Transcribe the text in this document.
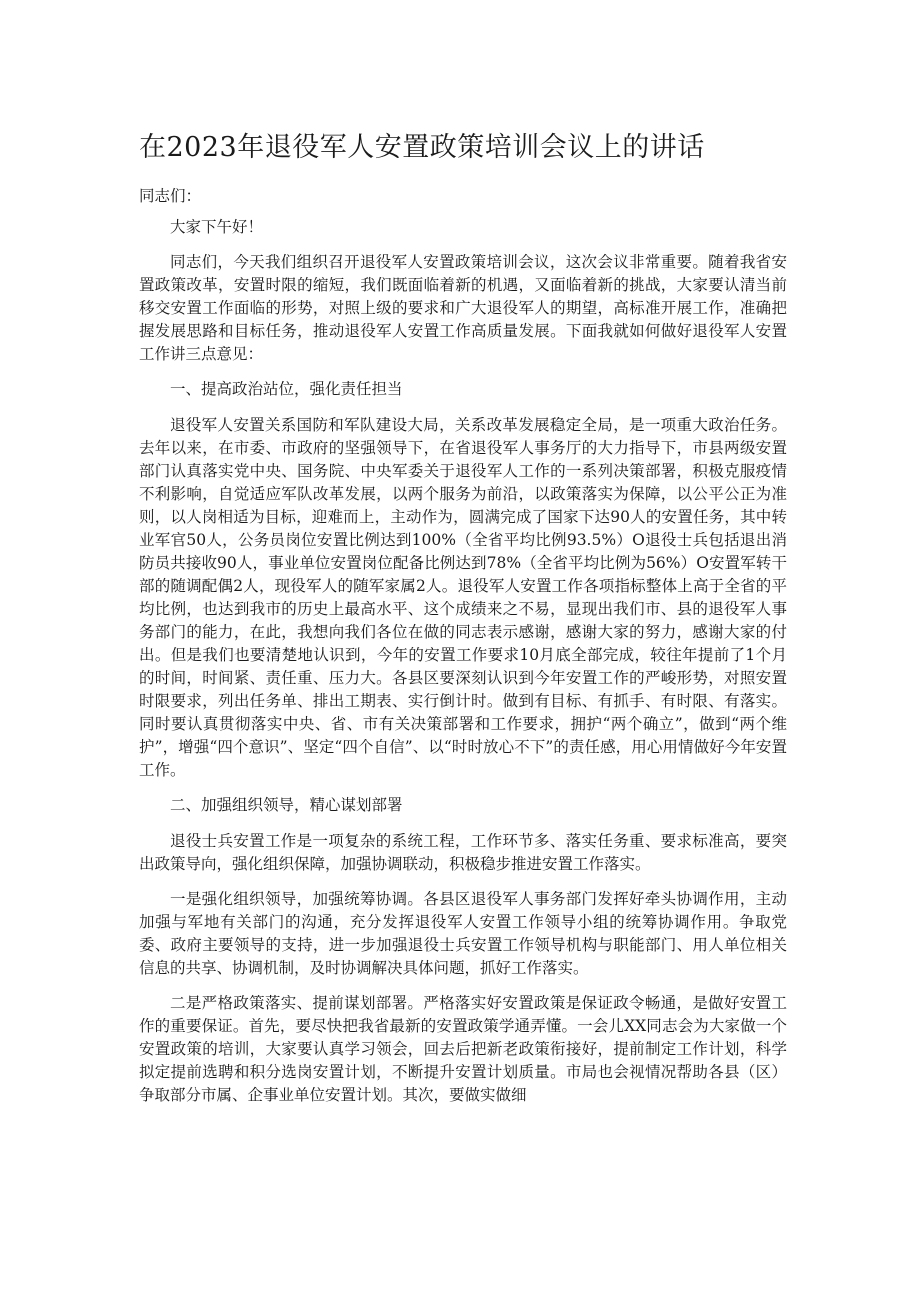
在2023年退役军人安置政策培训会议上的讲话

同志们：

大家下午好！

同志们，今天我们组织召开退役军人安置政策培训会议，这次会议非常重要。随着我省安置政策改革，安置时限的缩短，我们既面临着新的机遇，又面临着新的挑战，大家要认清当前移交安置工作面临的形势，对照上级的要求和广大退役军人的期望，高标准开展工作，准确把握发展思路和目标任务，推动退役军人安置工作高质量发展。下面我就如何做好退役军人安置工作讲三点意见：

一、提高政治站位，强化责任担当

退役军人安置关系国防和军队建设大局，关系改革发展稳定全局，是一项重大政治任务。去年以来，在市委、市政府的坚强领导下，在省退役军人事务厅的大力指导下，市县两级安置部门认真落实党中央、国务院、中央军委关于退役军人工作的一系列决策部署，积极克服疫情不利影响，自觉适应军队改革发展，以两个服务为前沿，以政策落实为保障，以公平公正为准则，以人岗相适为目标，迎难而上，主动作为，圆满完成了国家下达90人的安置任务，其中转业军官50人，公务员岗位安置比例达到100%（全省平均比例93.5%）O退役士兵包括退出消防员共接收90人，事业单位安置岗位配备比例达到78%（全省平均比例为56%）O安置军转干部的随调配偶2人，现役军人的随军家属2人。退役军人安置工作各项指标整体上高于全省的平均比例，也达到我市的历史上最高水平、这个成绩来之不易，显现出我们市、县的退役军人事务部门的能力，在此，我想向我们各位在做的同志表示感谢，感谢大家的努力，感谢大家的付出。但是我们也要清楚地认识到，今年的安置工作要求10月底全部完成，较往年提前了1个月的时间，时间紧、责任重、压力大。各县区要深刻认识到今年安置工作的严峻形势，对照安置时限要求，列出任务单、排出工期表、实行倒计时。做到有目标、有抓手、有时限、有落实。同时要认真贯彻落实中央、省、市有关决策部署和工作要求，拥护“两个确立”，做到“两个维护”，增强“四个意识”、坚定“四个自信”、以“时时放心不下”的责任感，用心用情做好今年安置工作。

二、加强组织领导，精心谋划部署

退役士兵安置工作是一项复杂的系统工程，工作环节多、落实任务重、要求标准高，要突出政策导向，强化组织保障，加强协调联动，积极稳步推进安置工作落实。

一是强化组织领导，加强统筹协调。各县区退役军人事务部门发挥好牵头协调作用，主动加强与军地有关部门的沟通，充分发挥退役军人安置工作领导小组的统筹协调作用。争取党委、政府主要领导的支持，进一步加强退役士兵安置工作领导机构与职能部门、用人单位相关信息的共享、协调机制，及时协调解决具体问题，抓好工作落实。

二是严格政策落实、提前谋划部署。严格落实好安置政策是保证政令畅通，是做好安置工作的重要保证。首先，要尽快把我省最新的安置政策学通弄懂。一会儿XX同志会为大家做一个安置政策的培训，大家要认真学习领会，回去后把新老政策衔接好，提前制定工作计划，科学拟定提前选聘和积分选岗安置计划，不断提升安置计划质量。市局也会视情况帮助各县（区）争取部分市属、企事业单位安置计划。其次，要做实做细
